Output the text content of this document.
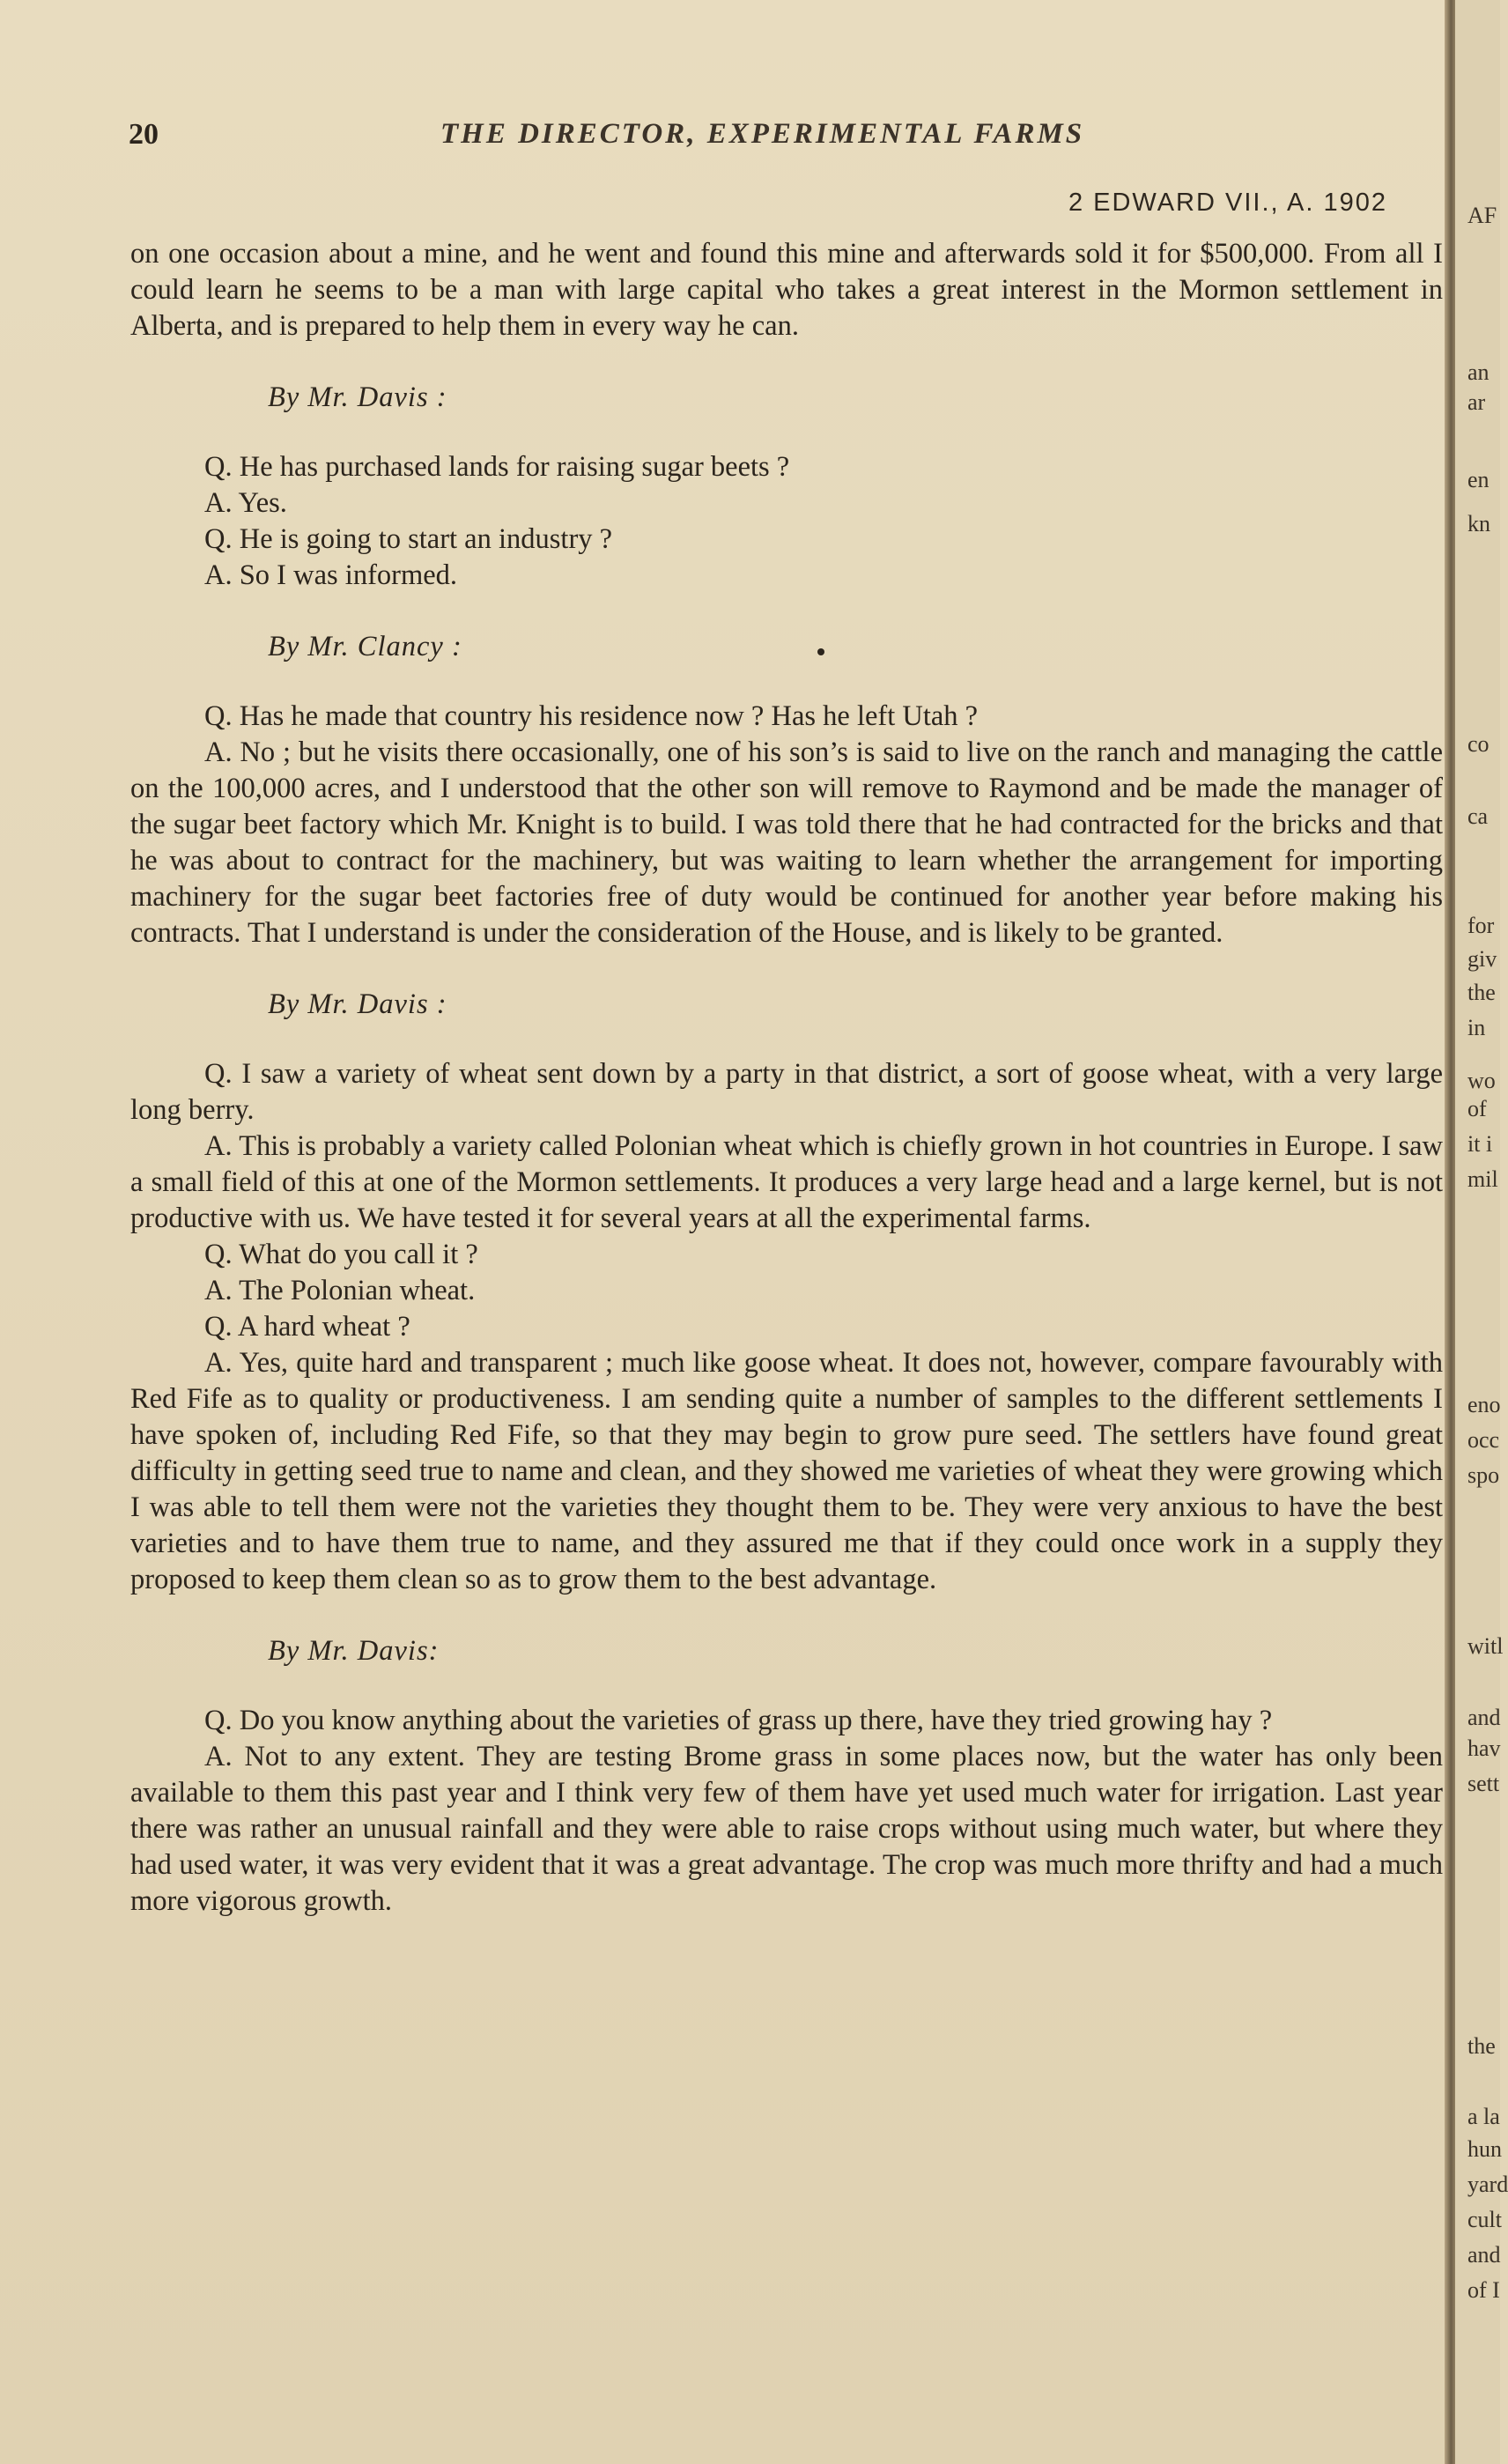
20	THE DIRECTOR, EXPERIMENTAL FARMS
2 EDWARD VII., A. 1902

on one occasion about a mine, and he went and found this mine and afterwards sold it for $500,000. From all I could learn he seems to be a man with large capital who takes a great interest in the Mormon settlement in Alberta, and is prepared to help them in every way he can.

By Mr. Davis :

Q. He has purchased lands for raising sugar beets ?

A. Yes.

Q. He is going to start an industry ?

A. So I was informed.

By Mr. Clancy :

Q. Has he made that country his residence now ? Has he left Utah ?

A. No ; but he visits there occasionally, one of his son’s is said to live on the ranch and managing the cattle on the 100,000 acres, and I understood that the other son will remove to Raymond and be made the manager of the sugar beet factory which Mr. Knight is to build. I was told there that he had contracted for the bricks and that he was about to contract for the machinery, but was waiting to learn whether the arrangement for importing machinery for the sugar beet factories free of duty would be continued for another year before making his contracts. That I understand is under the consideration of the House, and is likely to be granted.

By Mr. Davis :

Q. I saw a variety of wheat sent down by a party in that district, a sort of goose wheat, with a very large long berry.

A. This is probably a variety called Polonian wheat which is chiefly grown in hot countries in Europe. I saw a small field of this at one of the Mormon settlements. It produces a very large head and a large kernel, but is not productive with us. We have tested it for several years at all the experimental farms.

Q. What do you call it ?

A. The Polonian wheat.

Q. A hard wheat ?

A. Yes, quite hard and transparent ; much like goose wheat. It does not, however, compare favourably with Red Fife as to quality or productiveness. I am sending quite a number of samples to the different settlements I have spoken of, including Red Fife, so that they may begin to grow pure seed. The settlers have found great difficulty in getting seed true to name and clean, and they showed me varieties of wheat they were growing which I was able to tell them were not the varieties they thought them to be. They were very anxious to have the best varieties and to have them true to name, and they assured me that if they could once work in a supply they proposed to keep them clean so as to grow them to the best advantage.

By Mr. Davis:

Q. Do you know anything about the varieties of grass up there, have they tried growing hay ?

A. Not to any extent. They are testing Brome grass in some places now, but the water has only been available to them this past year and I think very few of them have yet used much water for irrigation. Last year there was rather an unusual rainfall and they were able to raise crops without using much water, but where they had used water, it was very evident that it was a great advantage. The crop was much more thrifty and had a much more vigorous growth.

AF
an
ar
en
kn
co
ca
for
giv
the
in
wo
of
it i
mil
eno
occ
spo
witl
and
hav
sett
the
a la
hun
yard
cult
and
of I
